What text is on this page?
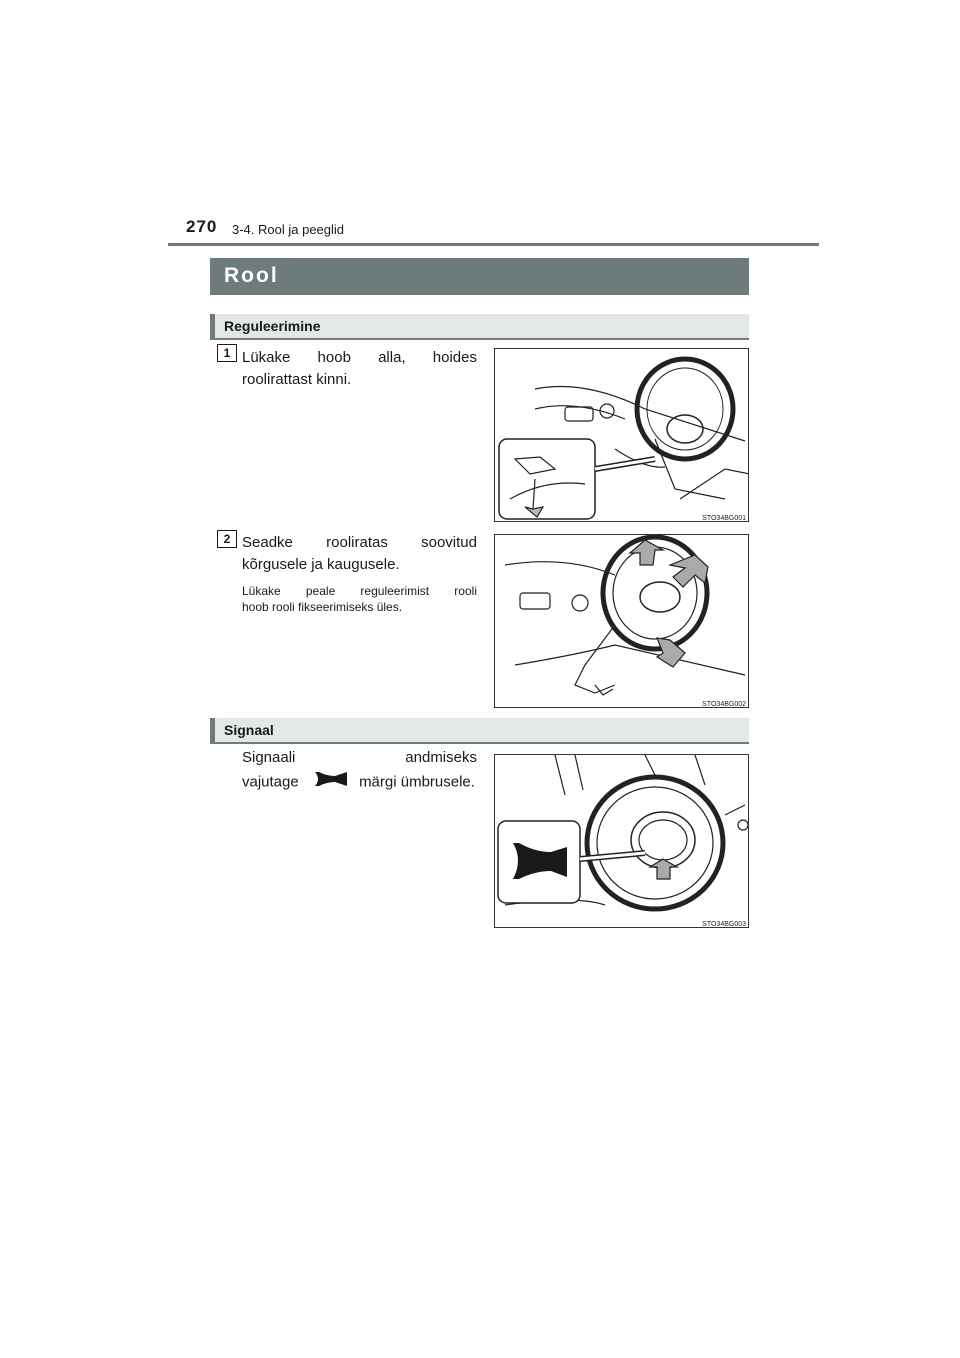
270 3-4. Rool ja peeglid
Rool
Reguleerimine
1 Lükake hoob alla, hoides
roolirattast kinni.
STO34BG001
2 Seadke rooliratas soovitud
kõrgusele ja kaugusele.
Lükake peale reguleerimist rooli
hoob rooli fikseerimiseks üles.
STO34BG002
Signaal
Signaali andmiseks
vajutage	märgi ümbrusele.
STO34BG003
